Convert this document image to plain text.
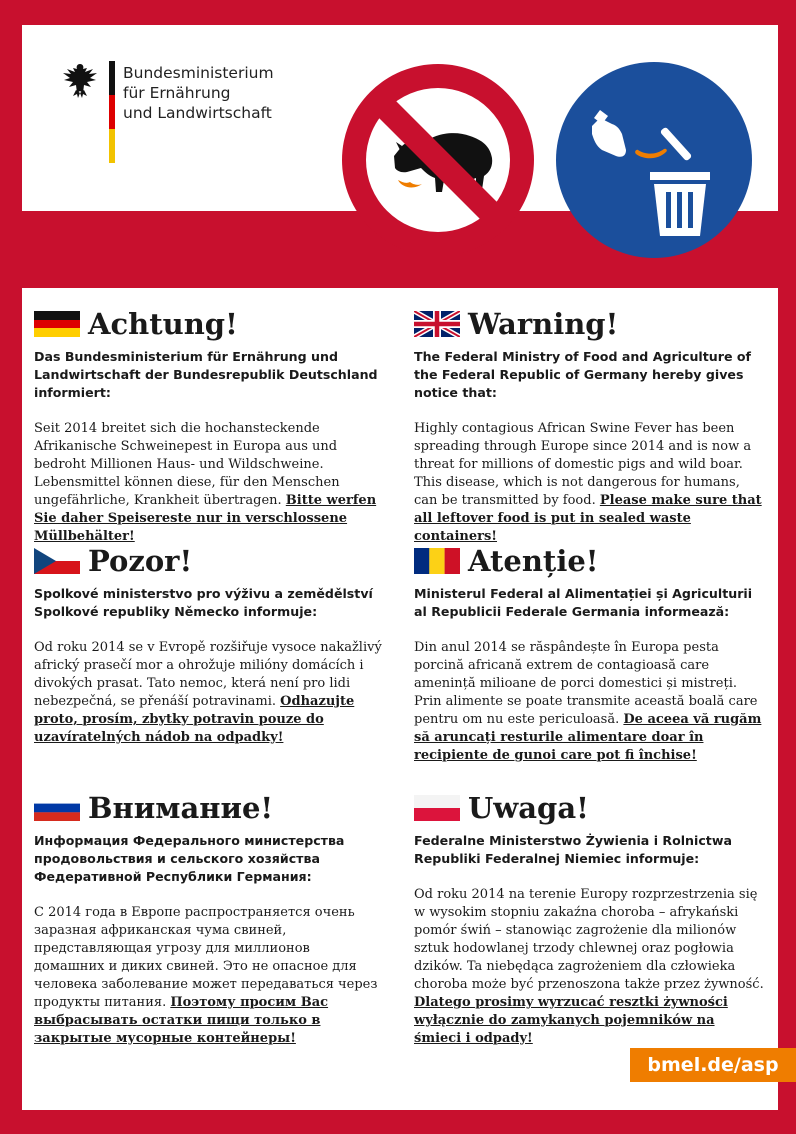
Bundesministerium
für Ernährung
und Landwirtschaft
Achtung!
Das Bundesministerium für Ernährung und Landwirtschaft der Bundesrepublik Deutschland informiert:
Seit 2014 breitet sich die hochansteckende Afrikanische Schweinepest in Europa aus und bedroht Millionen Haus- und Wildschweine. Lebensmittel können diese, für den Menschen ungefährliche, Krankheit übertragen. Bitte werfen Sie daher Speisereste nur in verschlossene Müllbehälter!
Warning!
The Federal Ministry of Food and Agriculture of the Federal Republic of Germany hereby gives notice that:
Highly contagious African Swine Fever has been spreading through Europe since 2014 and is now a threat for millions of domestic pigs and wild boar. This disease, which is not dangerous for humans, can be transmitted by food. Please make sure that all leftover food is put in sealed waste containers!
Pozor!
Spolkové ministerstvo pro výživu a zemědělství Spolkové republiky Německo informuje:
Od roku 2014 se v Evropě rozšiřuje vysoce nakažlivý africký prasečí mor a ohrožuje milióny domácích i divokých prasat. Tato nemoc, která není pro lidi nebezpečná, se přenáší potravinami. Odhazujte proto, prosím, zbytky potravin pouze do uzavíratelných nádob na odpadky!
Atenție!
Ministerul Federal al Alimentației și Agriculturii al Republicii Federale Germania informează:
Din anul 2014 se răspândește în Europa pesta porcină africană extrem de contagioasă care amenință milioane de porci domestici și mistreți. Prin alimente se poate transmite această boală care pentru om nu este periculoasă. De aceea vă rugăm să aruncați resturile alimentare doar în recipiente de gunoi care pot fi închise!
Внимание!
Информация Федерального министерства продовольствия и сельского хозяйства Федеративной Республики Германия:
С 2014 года в Европе распространяется очень заразная африканская чума свиней, представляющая угрозу для миллионов домашних и диких свиней. Это не опасное для человека заболевание может передаваться через продукты питания. Поэтому просим Вас выбрасывать остатки пищи только в закрытые мусорные контейнеры!
Uwaga!
Federalne Ministerstwo Żywienia i Rolnictwa Republiki Federalnej Niemiec informuje:
Od roku 2014 na terenie Europy rozprzestrzenia się w wysokim stopniu zakaźna choroba – afrykański pomór świń – stanowiąc zagrożenie dla milionów sztuk hodowlanej trzody chlewnej oraz pogłowia dzików. Ta niebędąca zagrożeniem dla człowieka choroba może być przenoszona także przez żywność. Dlatego prosimy wyrzucać resztki żywności wyłącznie do zamykanych pojemników na śmieci i odpady!
bmel.de/asp
